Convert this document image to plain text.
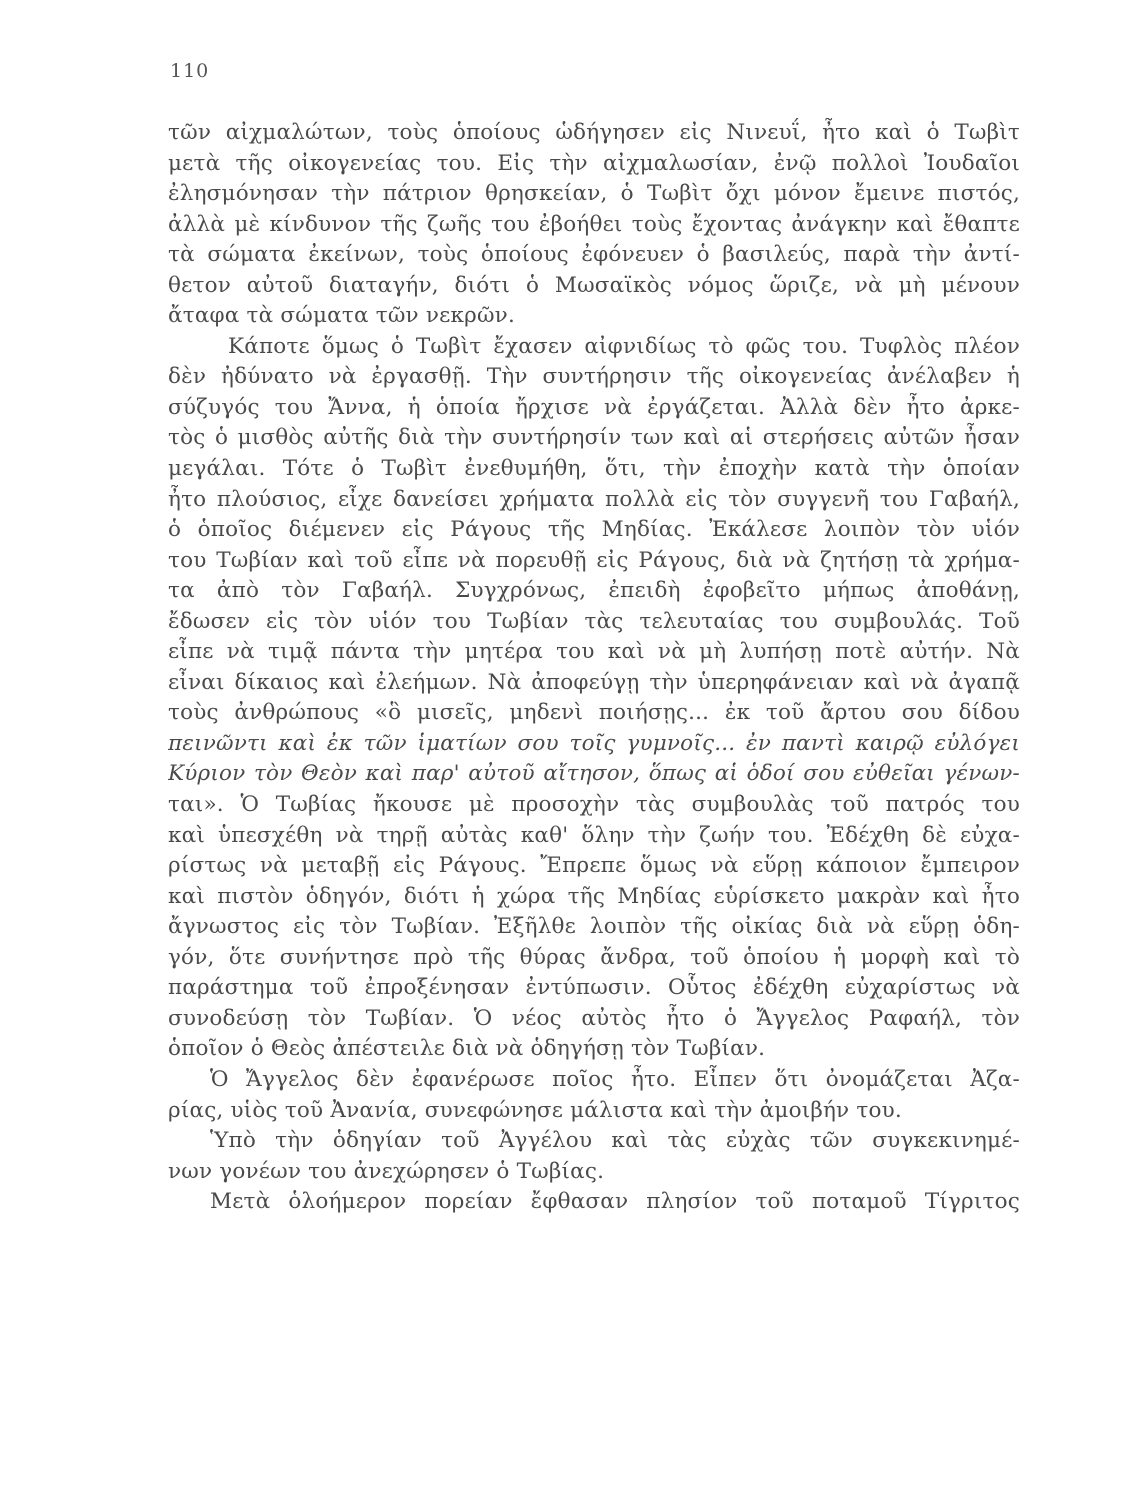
110
τῶν αἰχμαλώτων, τοὺς ὁποίους ὡδήγησεν εἰς Νινευΐ, ἦτο καὶ ὁ Τωβὶτ
μετὰ τῆς οἰκογενείας του. Εἰς τὴν αἰχμαλωσίαν, ἐνῷ πολλοὶ Ἰουδαῖοι
ἐλησμόνησαν τὴν πάτριον θρησκείαν, ὁ Τωβὶτ ὄχι μόνον ἔμεινε πιστός,
ἀλλὰ μὲ κίνδυνον τῆς ζωῆς του ἐβοήθει τοὺς ἔχοντας ἀνάγκην καὶ ἔθαπτε
τὰ σώματα ἐκείνων, τοὺς ὁποίους ἐφόνευεν ὁ βασιλεύς, παρὰ τὴν ἀντί-
θετον αὐτοῦ διαταγήν, διότι ὁ Μωσαϊκὸς νόμος ὥριζε, νὰ μὴ μένουν
ἄταφα τὰ σώματα τῶν νεκρῶν.
Κάποτε ὅμως ὁ Τωβὶτ ἔχασεν αἰφνιδίως τὸ φῶς του. Τυφλὸς πλέον
δὲν ἠδύνατο νὰ ἐργασθῇ. Τὴν συντήρησιν τῆς οἰκογενείας ἀνέλαβεν ἡ
σύζυγός του Ἄννα, ἡ ὁποία ἤρχισε νὰ ἐργάζεται. Ἀλλὰ δὲν ἦτο ἀρκε-
τὸς ὁ μισθὸς αὐτῆς διὰ τὴν συντήρησίν των καὶ αἱ στερήσεις αὐτῶν ἦσαν
μεγάλαι. Τότε ὁ Τωβὶτ ἐνεθυμήθη, ὅτι, τὴν ἐποχὴν κατὰ τὴν ὁποίαν
ἦτο πλούσιος, εἶχε δανείσει χρήματα πολλὰ εἰς τὸν συγγενῆ του Γαβαήλ,
ὁ ὁποῖος διέμενεν εἰς Ράγους τῆς Μηδίας. Ἐκάλεσε λοιπὸν τὸν υἱόν
του Τωβίαν καὶ τοῦ εἶπε νὰ πορευθῇ εἰς Ράγους, διὰ νὰ ζητήσῃ τὰ χρήμα-
τα ἀπὸ τὸν Γαβαήλ. Συγχρόνως, ἐπειδὴ ἐφοβεῖτο μήπως ἀποθάνῃ,
ἔδωσεν εἰς τὸν υἱόν του Τωβίαν τὰς τελευταίας του συμβουλάς. Τοῦ
εἶπε νὰ τιμᾷ πάντα τὴν μητέρα του καὶ νὰ μὴ λυπήσῃ ποτὲ αὐτήν. Νὰ
εἶναι δίκαιος καὶ ἐλεήμων. Νὰ ἀποφεύγῃ τὴν ὑπερηφάνειαν καὶ νὰ ἀγαπᾷ
τοὺς ἀνθρώπους «ὃ μισεῖς, μηδενὶ ποιήσῃς... ἐκ τοῦ ἄρτου σου δίδου
πεινῶντι καὶ ἐκ τῶν ἱματίων σου τοῖς γυμνοῖς... ἐν παντὶ καιρῷ εὐλόγει
Κύριον τὸν Θεὸν καὶ παρ' αὐτοῦ αἴτησον, ὅπως αἱ ὁδοί σου εὐθεῖαι γένων-
ται». Ὁ Τωβίας ἤκουσε μὲ προσοχὴν τὰς συμβουλὰς τοῦ πατρός του
καὶ ὑπεσχέθη νὰ τηρῇ αὐτὰς καθ' ὅλην τὴν ζωήν του. Ἐδέχθη δὲ εὐχα-
ρίστως νὰ μεταβῇ εἰς Ράγους. Ἔπρεπε ὅμως νὰ εὕρῃ κάποιον ἔμπειρον
καὶ πιστὸν ὁδηγόν, διότι ἡ χώρα τῆς Μηδίας εὑρίσκετο μακρὰν καὶ ἦτο
ἄγνωστος εἰς τὸν Τωβίαν. Ἐξῆλθε λοιπὸν τῆς οἰκίας διὰ νὰ εὕρῃ ὁδη-
γόν, ὅτε συνήντησε πρὸ τῆς θύρας ἄνδρα, τοῦ ὁποίου ἡ μορφὴ καὶ τὸ
παράστημα τοῦ ἐπροξένησαν ἐντύπωσιν. Οὗτος ἐδέχθη εὐχαρίστως νὰ
συνοδεύσῃ τὸν Τωβίαν. Ὁ νέος αὐτὸς ἦτο ὁ Ἄγγελος Ραφαήλ, τὸν
ὁποῖον ὁ Θεὸς ἀπέστειλε διὰ νὰ ὁδηγήσῃ τὸν Τωβίαν.
Ὁ Ἄγγελος δὲν ἐφανέρωσε ποῖος ἦτο. Εἶπεν ὅτι ὀνομάζεται Ἀζα-
ρίας, υἱὸς τοῦ Ἀνανία, συνεφώνησε μάλιστα καὶ τὴν ἀμοιβήν του.
Ὑπὸ τὴν ὁδηγίαν τοῦ Ἀγγέλου καὶ τὰς εὐχὰς τῶν συγκεκινημέ-
νων γονέων του ἀνεχώρησεν ὁ Τωβίας.
Μετὰ ὁλοήμερον πορείαν ἔφθασαν πλησίον τοῦ ποταμοῦ Τίγριτος
